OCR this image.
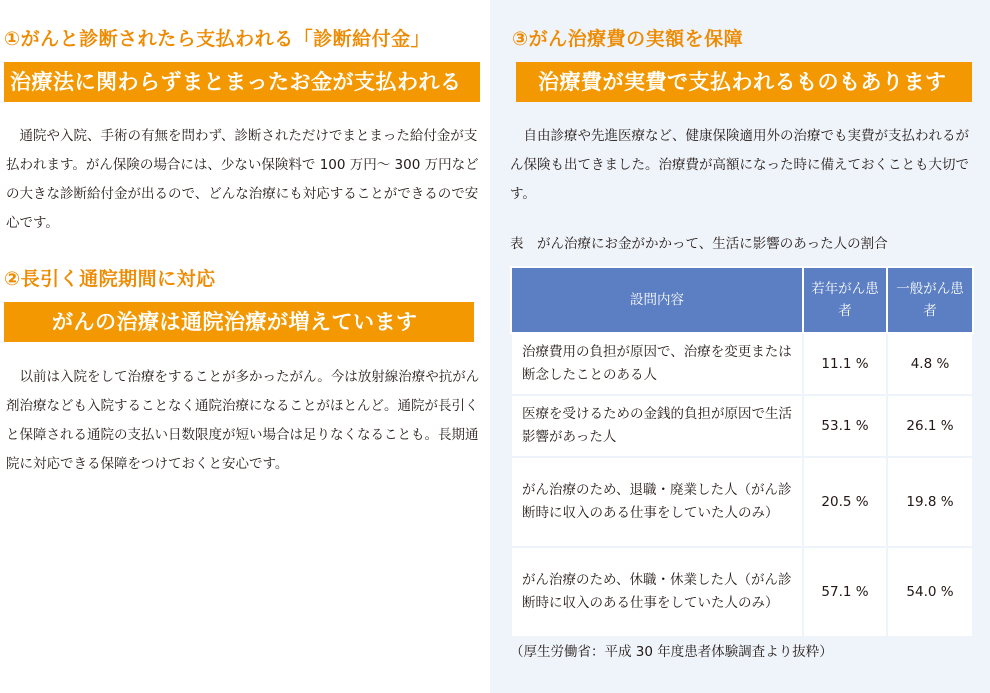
①がんと診断されたら支払われる「診断給付金」
治療法に関わらずまとまったお金が支払われる

通院や入院、手術の有無を問わず、診断されただけでまとまった給付金が支払われます。がん保険の場合には、少ない保険料で 100 万円〜 300 万円などの大きな診断給付金が出るので、どんな治療にも対応することができるので安心です。

②長引く通院期間に対応
がんの治療は通院治療が増えています

以前は入院をして治療をすることが多かったがん。今は放射線治療や抗がん剤治療なども入院することなく通院治療になることがほとんど。通院が長引くと保障される通院の支払い日数限度が短い場合は足りなくなることも。長期通院に対応できる保障をつけておくと安心です。

③がん治療費の実額を保障
治療費が実費で支払われるものもあります

自由診療や先進医療など、健康保険適用外の治療でも実費が支払われるがん保険も出てきました。治療費が高額になった時に備えておくことも大切です。

表　がん治療にお金がかかって、生活に影響のあった人の割合
設問内容	若年がん患者	一般がん患者
治療費用の負担が原因で、治療を変更または断念したことのある人	11.1 %	4.8 %
医療を受けるための金銭的負担が原因で生活影響があった人	53.1 %	26.1 %
がん治療のため、退職・廃業した人（がん診断時に収入のある仕事をしていた人のみ）	20.5 %	19.8 %
がん治療のため、休職・休業した人（がん診断時に収入のある仕事をしていた人のみ）	57.1 %	54.0 %
（厚生労働省：平成 30 年度患者体験調査より抜粋）
